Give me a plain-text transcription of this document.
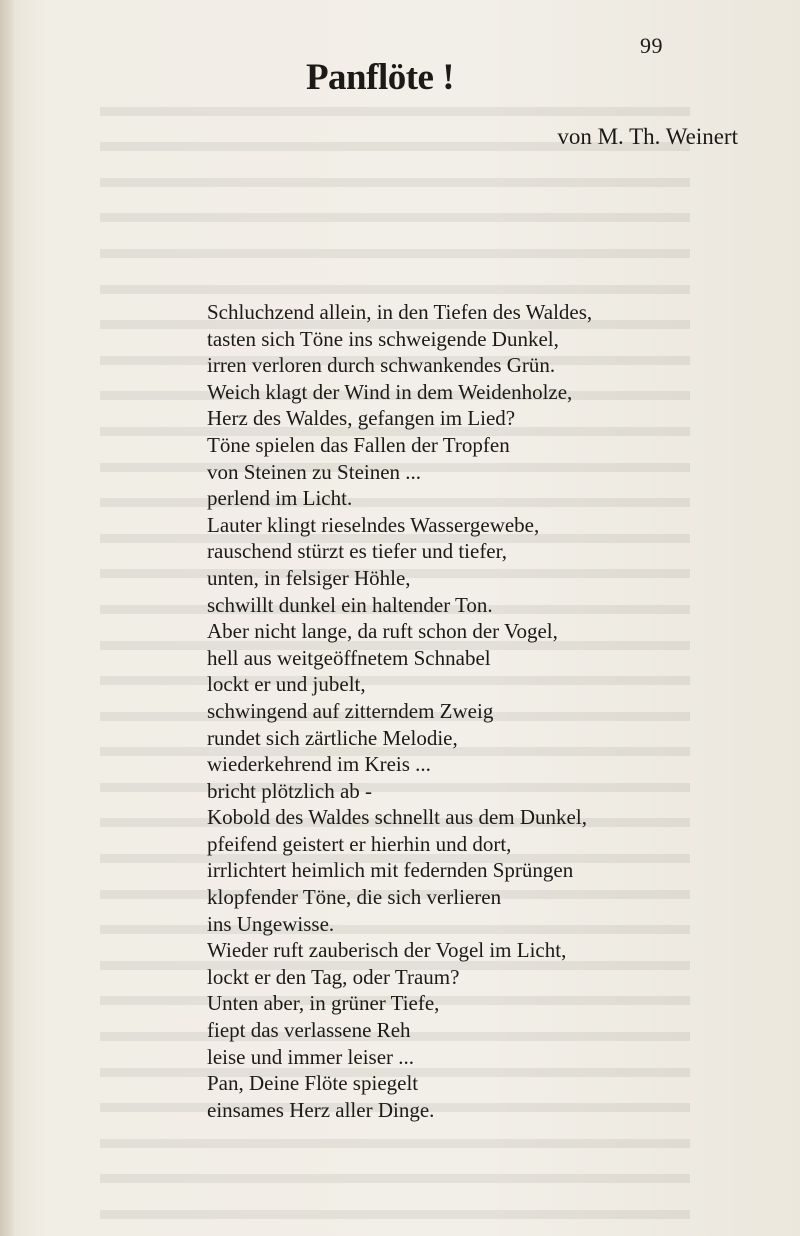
99
Panflöte !
von M. Th. Weinert
Schluchzend allein, in den Tiefen des Waldes,
tasten sich Töne ins schweigende Dunkel,
irren verloren durch schwankendes Grün.
Weich klagt der Wind in dem Weidenholze,
Herz des Waldes, gefangen im Lied?
Töne spielen das Fallen der Tropfen
von Steinen zu Steinen ...
perlend im Licht.
Lauter klingt rieselndes Wassergewebe,
rauschend stürzt es tiefer und tiefer,
unten, in felsiger Höhle,
schwillt dunkel ein haltender Ton.
Aber nicht lange, da ruft schon der Vogel,
hell aus weitgeöffnetem Schnabel
lockt er und jubelt,
schwingend auf zitterndem Zweig
rundet sich zärtliche Melodie,
wiederkehrend im Kreis ...
bricht plötzlich ab -
Kobold des Waldes schnellt aus dem Dunkel,
pfeifend geistert er hierhin und dort,
irrlichtert heimlich mit federnden Sprüngen
klopfender Töne, die sich verlieren
ins Ungewisse.
Wieder ruft zauberisch der Vogel im Licht,
lockt er den Tag, oder Traum?
Unten aber, in grüner Tiefe,
fiept das verlassene Reh
leise und immer leiser ...
Pan, Deine Flöte spiegelt
einsames Herz aller Dinge.
